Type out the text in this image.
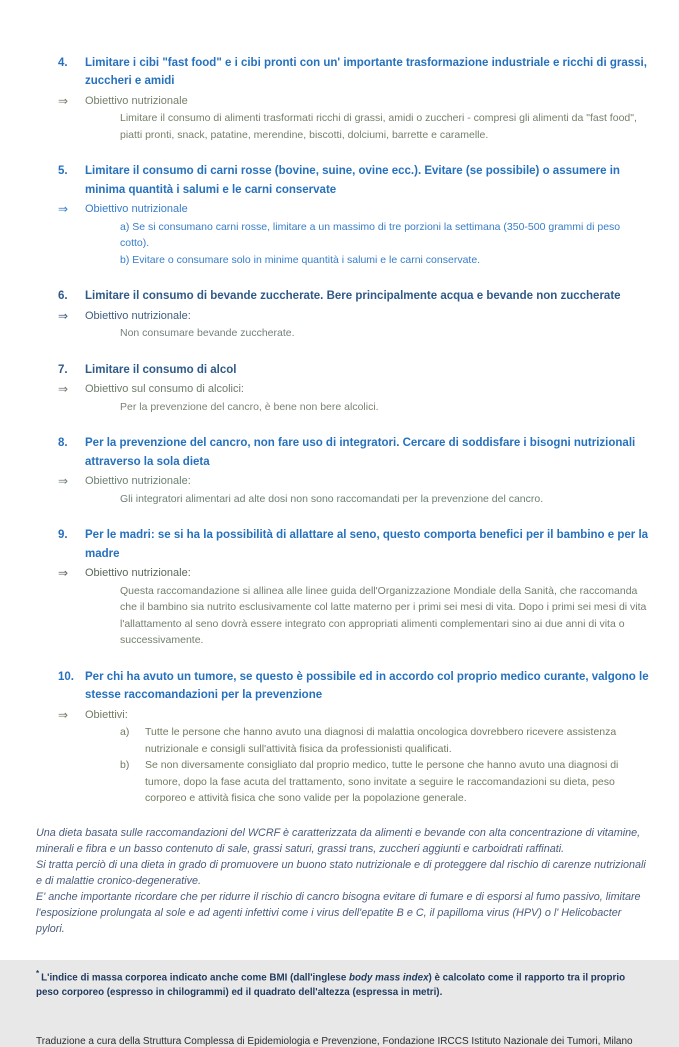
4.	Limitare i cibi "fast food" e i cibi pronti con un' importante trasformazione industriale e ricchi di grassi, zuccheri e amidi
⇒	Obiettivo nutrizionale

Limitare il consumo di alimenti trasformati ricchi di grassi, amidi o zuccheri - compresi gli alimenti da "fast food", piatti pronti, snack, patatine, merendine, biscotti, dolciumi, barrette e caramelle.

5.	Limitare il consumo di carni rosse (bovine, suine, ovine ecc.). Evitare (se possibile) o assumere in minima quantità i salumi e le carni conservate
⇒	Obiettivo nutrizionale

a) Se si consumano carni rosse, limitare a un massimo di tre porzioni la settimana (350-500 grammi di peso cotto).

b) Evitare o consumare solo in minime quantità i salumi e le carni conservate.

6.	Limitare il consumo di bevande zuccherate. Bere principalmente acqua e bevande non zuccherate
⇒	Obiettivo nutrizionale:

Non consumare bevande zuccherate.

7.	Limitare il consumo di alcol
⇒	Obiettivo sul consumo di alcolici:

Per la prevenzione del cancro, è bene non bere alcolici.

8.	Per la prevenzione del cancro, non fare uso di integratori. Cercare di soddisfare i bisogni nutrizionali attraverso la sola dieta
⇒	Obiettivo nutrizionale:

Gli integratori alimentari ad alte dosi non sono raccomandati per la prevenzione del cancro.

9.	Per le madri: se si ha la possibilità di allattare al seno, questo comporta benefici per il bambino e per la madre
⇒	Obiettivo nutrizionale:

Questa raccomandazione si allinea alle linee guida dell'Organizzazione Mondiale della Sanità, che raccomanda che il bambino sia nutrito esclusivamente col latte materno per i primi sei mesi di vita. Dopo i primi sei mesi di vita l'allattamento al seno dovrà essere integrato con appropriati alimenti complementari sino ai due anni di vita o successivamente.

10. Per chi ha avuto un tumore, se questo è possibile ed in accordo col proprio medico curante, valgono le stesse raccomandazioni per la prevenzione
⇒	Obiettivi:
a)	Tutte le persone che hanno avuto una diagnosi di malattia oncologica dovrebbero ricevere assistenza nutrizionale e consigli sull'attività fisica da professionisti qualificati.

b)	Se non diversamente consigliato dal proprio medico, tutte le persone che hanno avuto una diagnosi di tumore, dopo la fase acuta del trattamento, sono invitate a seguire le raccomandazioni su dieta, peso corporeo e attività fisica che sono valide per la popolazione generale.

Una dieta basata sulle raccomandazioni del WCRF è caratterizzata da alimenti e bevande con alta concentrazione di vitamine, minerali e fibra e un basso contenuto di sale, grassi saturi, grassi trans, zuccheri aggiunti e carboidrati raffinati.

Si tratta perciò di una dieta in grado di promuovere un buono stato nutrizionale e di proteggere dal rischio di carenze nutrizionali e di malattie cronico-degenerative.

E' anche importante ricordare che per ridurre il rischio di cancro bisogna evitare di fumare e di esporsi al fumo passivo, limitare l'esposizione prolungata al sole e ad agenti infettivi come i virus dell'epatite B e C, il papilloma virus (HPV) o l' Helicobacter pylori.

* L'indice di massa corporea indicato anche come BMI (dall'inglese body mass index) è calcolato come il rapporto tra il proprio peso corporeo (espresso in chilogrammi) ed il quadrato dell'altezza (espressa in metri).
Traduzione a cura della Struttura Complessa di Epidemiologia e Prevenzione, Fondazione IRCCS Istituto Nazionale dei Tumori, Milano
